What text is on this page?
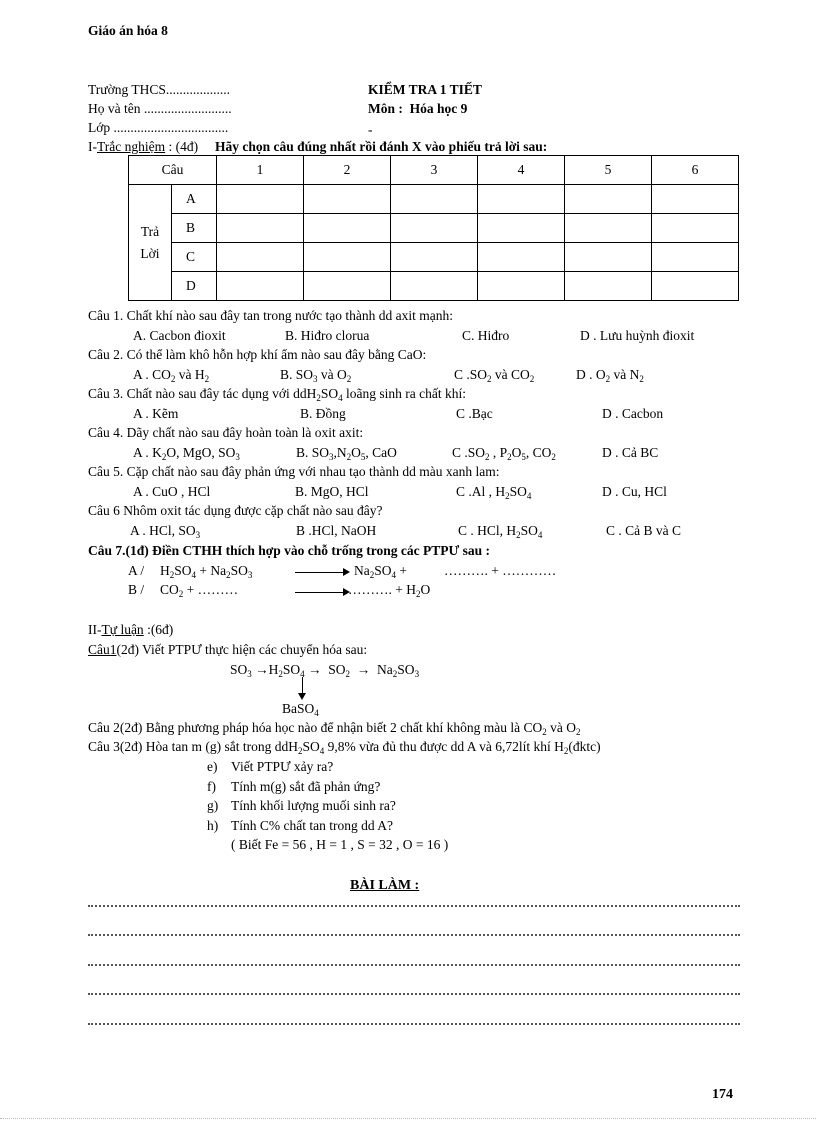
Giáo án hóa 8
Trường THCS...................
Họ và tên ..........................
Lớp ..................................
KIỂM TRA 1 TIẾT
Môn : Hóa học 9
-
I-Trắc nghiệm : (4đ) Hãy chọn câu đúng nhất rồi đánh X vào phiếu trả lời sau:
Câu		1	2	3	4	5	6
Trả
Lời	A						
	B						
	C						
	D						
Câu 1. Chất khí nào sau đây tan trong nước tạo thành dd axit mạnh:
A. Cacbon đioxit	B. Hiđro clorua	C. Hiđro	D . Lưu huỳnh đioxit
Câu 2. Có thể làm khô hỗn hợp khí ẩm nào sau đây bằng CaO:
A . $CO_2$ và $H_2$	B. $SO_3$ và $O_2$	C $.SO_2$ và $CO_2$	D . $O_2$ và $N_2$
Câu 3. Chất nào sau đây tác dụng với $ddH_2SO_4$ loãng sinh ra chất khí:
A . Kẽm	B. Đồng	C .Bạc	D . Cacbon
Câu 4. Dãy chất nào sau đây hoàn toàn là oxit axit:
A . $K_2O$, MgO, $SO_3$	B. $SO_3,N_2O_5$, CaO	C $.SO_2$ , $P_2O_5$, $CO_2$	D . Cả BC
Câu 5. Cặp chất nào sau đây phản ứng với nhau tạo thành dd màu xanh lam:
A . CuO , HCl	B. MgO, HCl	C .Al , $H_2SO_4$	D . Cu, HCl
Câu 6 Nhôm oxit tác dụng được cặp chất nào sau đây?
A . HCl, $SO_3$	B .HCl, NaOH	C . HCl, $H_2SO_4$	C . Cả B và C
Câu 7.(1đ) Điền CTHH thích hợp vào chỗ trống trong các PTPƯ sau :
$A / H_2SO_4 + Na_2SO_3$	$Na_2SO_4$ +	………. + …………
B / $CO_2$ + ………	………. + $H_2O$
II-Tự luận :(6đ)
Câu1(2đ) Viết PTPƯ thực hiện các chuyển hóa sau:
$SO_3 \to H_2SO_4 \to SO_2 \to Na_2SO_3$
BaSO$_4$
Câu 2(2đ) Bằng phương pháp hóa học nào để nhận biết 2 chất khí không màu là $CO_2$ và $O_2$
Câu 3(2đ) Hòa tan m (g) sắt trong $ddH_2SO_4$ 9,8% vừa đủ thu được dd A và 6,72lít khí $H_2(đktc)$
e) Viết PTPƯ xảy ra?
f) Tính m(g) sắt đã phản ứng?
g) Tính khối lượng muối sinh ra?
h) Tính C% chất tan trong dd A?
( Biết Fe = 56 , H = 1 , S = 32 , O = 16 )
BÀI LÀM :
174
